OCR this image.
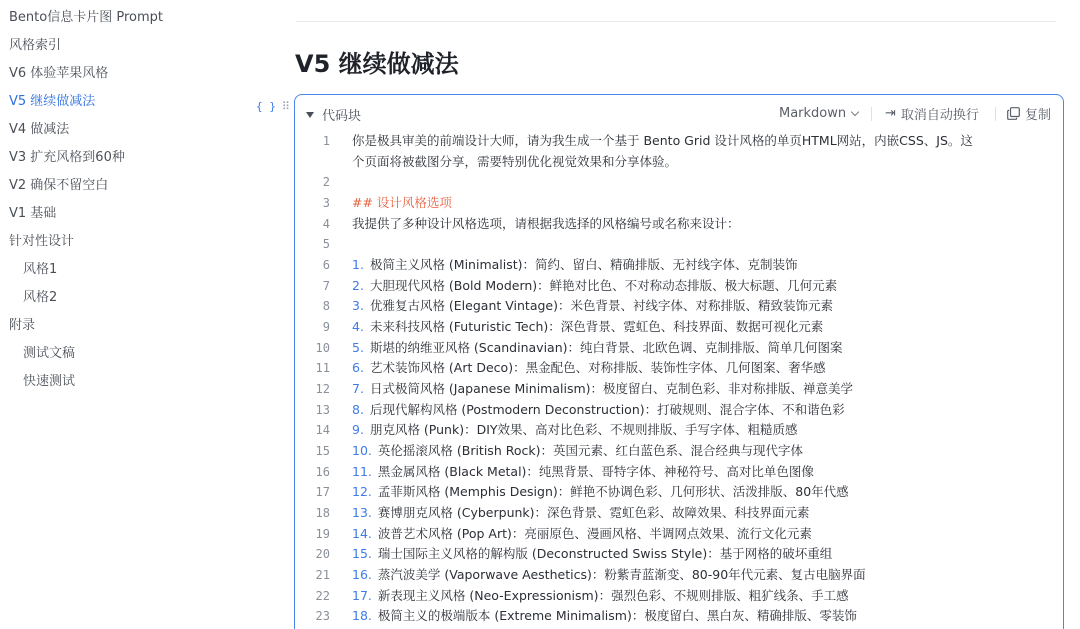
Bento信息卡片图 Prompt
风格索引
V6 体验苹果风格
V5 继续做减法
V4 做减法
V3 扩充风格到60种
V2 确保不留空白
V1 基础
针对性设计
风格1
风格2
附录
测试文稿
快速测试
{ } ⠿
V5 继续做减法
代码块	Markdown	⇥ 取消自动换行	复制
1 你是极具审美的前端设计大师，请为我生成一个基于 Bento Grid 设计风格的单页HTML网站，内嵌CSS、JS。这
个页面将被截图分享，需要特别优化视觉效果和分享体验。
2
3 ## 设计风格选项
4 我提供了多种设计风格选项，请根据我选择的风格编号或名称来设计：
5
6 1. 极简主义风格 (Minimalist)：简约、留白、精确排版、无衬线字体、克制装饰
7 2. 大胆现代风格 (Bold Modern)：鲜艳对比色、不对称动态排版、极大标题、几何元素
8 3. 优雅复古风格 (Elegant Vintage)：米色背景、衬线字体、对称排版、精致装饰元素
9 4. 未来科技风格 (Futuristic Tech)：深色背景、霓虹色、科技界面、数据可视化元素
10 5. 斯堪的纳维亚风格 (Scandinavian)：纯白背景、北欧色调、克制排版、简单几何图案
11 6. 艺术装饰风格 (Art Deco)：黑金配色、对称排版、装饰性字体、几何图案、奢华感
12 7. 日式极简风格 (Japanese Minimalism)：极度留白、克制色彩、非对称排版、禅意美学
13 8. 后现代解构风格 (Postmodern Deconstruction)：打破规则、混合字体、不和谐色彩
14 9. 朋克风格 (Punk)：DIY效果、高对比色彩、不规则排版、手写字体、粗糙质感
15 10. 英伦摇滚风格 (British Rock)：英国元素、红白蓝色系、混合经典与现代字体
16 11. 黑金属风格 (Black Metal)：纯黑背景、哥特字体、神秘符号、高对比单色图像
17 12. 孟菲斯风格 (Memphis Design)：鲜艳不协调色彩、几何形状、活泼排版、80年代感
18 13. 赛博朋克风格 (Cyberpunk)：深色背景、霓虹色彩、故障效果、科技界面元素
19 14. 波普艺术风格 (Pop Art)：亮丽原色、漫画风格、半调网点效果、流行文化元素
20 15. 瑞士国际主义风格的解构版 (Deconstructed Swiss Style)：基于网格的破坏重组
21 16. 蒸汽波美学 (Vaporwave Aesthetics)：粉紫青蓝渐变、80-90年代元素、复古电脑界面
22 17. 新表现主义风格 (Neo-Expressionism)：强烈色彩、不规则排版、粗犷线条、手工感
23 18. 极简主义的极端版本 (Extreme Minimalism)：极度留白、黑白灰、精确排版、零装饰
